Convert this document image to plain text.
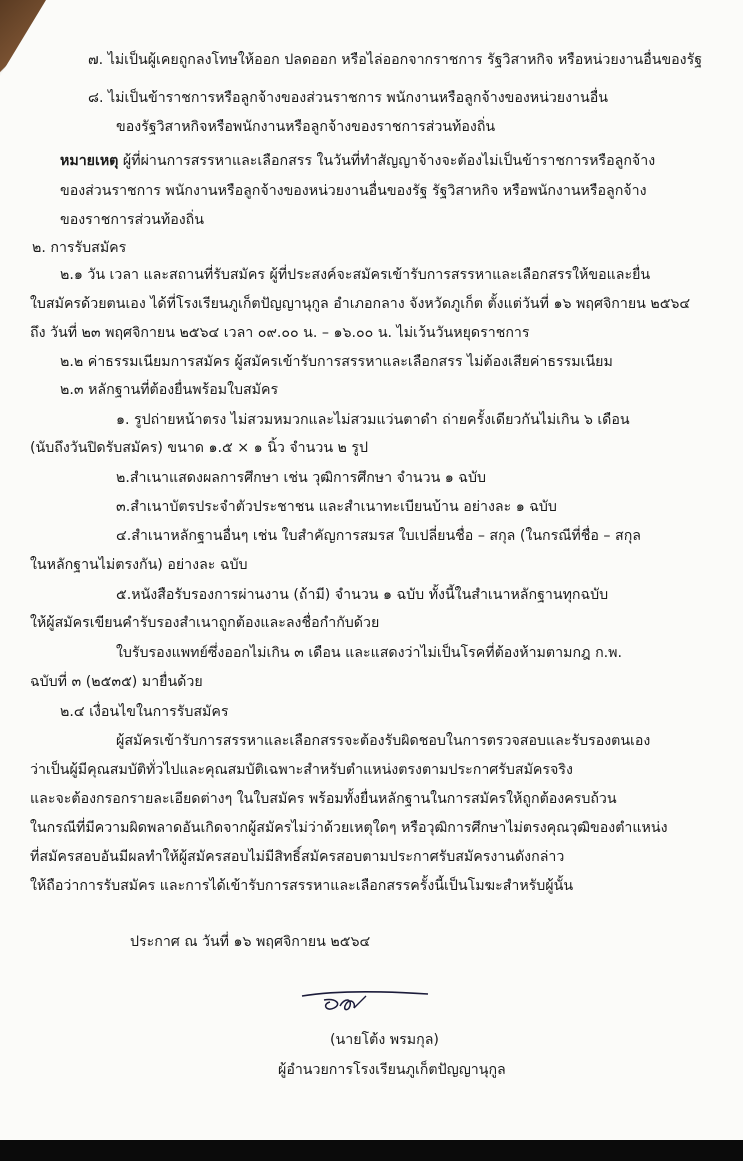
๗. ไม่เป็นผู้เคยถูกลงโทษให้ออก ปลดออก หรือไล่ออกจากราชการ รัฐวิสาหกิจ หรือหน่วยงานอื่นของรัฐ
๘. ไม่เป็นข้าราชการหรือลูกจ้างของส่วนราชการ พนักงานหรือลูกจ้างของหน่วยงานอื่น
ของรัฐวิสาหกิจหรือพนักงานหรือลูกจ้างของราชการส่วนท้องถิ่น
หมายเหตุ ผู้ที่ผ่านการสรรหาและเลือกสรร ในวันที่ทำสัญญาจ้างจะต้องไม่เป็นข้าราชการหรือลูกจ้าง
ของส่วนราชการ พนักงานหรือลูกจ้างของหน่วยงานอื่นของรัฐ รัฐวิสาหกิจ หรือพนักงานหรือลูกจ้าง
ของราชการส่วนท้องถิ่น
๒. การรับสมัคร
๒.๑ วัน เวลา และสถานที่รับสมัคร ผู้ที่ประสงค์จะสมัครเข้ารับการสรรหาและเลือกสรรให้ขอและยื่น
ใบสมัครด้วยตนเอง ได้ที่โรงเรียนภูเก็ตปัญญานุกูล อำเภอกลาง จังหวัดภูเก็ต ตั้งแต่วันที่ ๑๖ พฤศจิกายน ๒๕๖๔
ถึง วันที่ ๒๓ พฤศจิกายน ๒๕๖๔ เวลา ๐๙.๐๐ น. – ๑๖.๐๐ น. ไม่เว้นวันหยุดราชการ
๒.๒ ค่าธรรมเนียมการสมัคร ผู้สมัครเข้ารับการสรรหาและเลือกสรร ไม่ต้องเสียค่าธรรมเนียม
๒.๓ หลักฐานที่ต้องยื่นพร้อมใบสมัคร
๑. รูปถ่ายหน้าตรง ไม่สวมหมวกและไม่สวมแว่นตาดำ ถ่ายครั้งเดียวกันไม่เกิน ๖ เดือน
(นับถึงวันปิดรับสมัคร) ขนาด ๑.๕ × ๑ นิ้ว จำนวน ๒ รูป
๒.สำเนาแสดงผลการศึกษา เช่น วุฒิการศึกษา จำนวน ๑ ฉบับ
๓.สำเนาบัตรประจำตัวประชาชน และสำเนาทะเบียนบ้าน อย่างละ ๑ ฉบับ
๔.สำเนาหลักฐานอื่นๆ เช่น ใบสำคัญการสมรส ใบเปลี่ยนชื่อ – สกุล (ในกรณีที่ชื่อ – สกุล
ในหลักฐานไม่ตรงกัน) อย่างละ ฉบับ
๕.หนังสือรับรองการผ่านงาน (ถ้ามี) จำนวน ๑ ฉบับ ทั้งนี้ในสำเนาหลักฐานทุกฉบับ
ให้ผู้สมัครเขียนคำรับรองสำเนาถูกต้องและลงชื่อกำกับด้วย
ใบรับรองแพทย์ซึ่งออกไม่เกิน ๓ เดือน และแสดงว่าไม่เป็นโรคที่ต้องห้ามตามกฎ ก.พ.
ฉบับที่ ๓ (๒๕๓๕) มายื่นด้วย
๒.๔ เงื่อนไขในการรับสมัคร
ผู้สมัครเข้ารับการสรรหาและเลือกสรรจะต้องรับผิดชอบในการตรวจสอบและรับรองตนเอง
ว่าเป็นผู้มีคุณสมบัติทั่วไปและคุณสมบัติเฉพาะสำหรับตำแหน่งตรงตามประกาศรับสมัครจริง
และจะต้องกรอกรายละเอียดต่างๆ ในใบสมัคร พร้อมทั้งยื่นหลักฐานในการสมัครให้ถูกต้องครบถ้วน
ในกรณีที่มีความผิดพลาดอันเกิดจากผู้สมัครไม่ว่าด้วยเหตุใดๆ หรือวุฒิการศึกษาไม่ตรงคุณวุฒิของตำแหน่ง
ที่สมัครสอบอันมีผลทำให้ผู้สมัครสอบไม่มีสิทธิ์สมัครสอบตามประกาศรับสมัครงานดังกล่าว
ให้ถือว่าการรับสมัคร และการได้เข้ารับการสรรหาและเลือกสรรครั้งนี้เป็นโมฆะสำหรับผู้นั้น
ประกาศ ณ วันที่ ๑๖ พฤศจิกายน ๒๕๖๔
(นายโต้ง พรมกุล)
ผู้อำนวยการโรงเรียนภูเก็ตปัญญานุกูล
